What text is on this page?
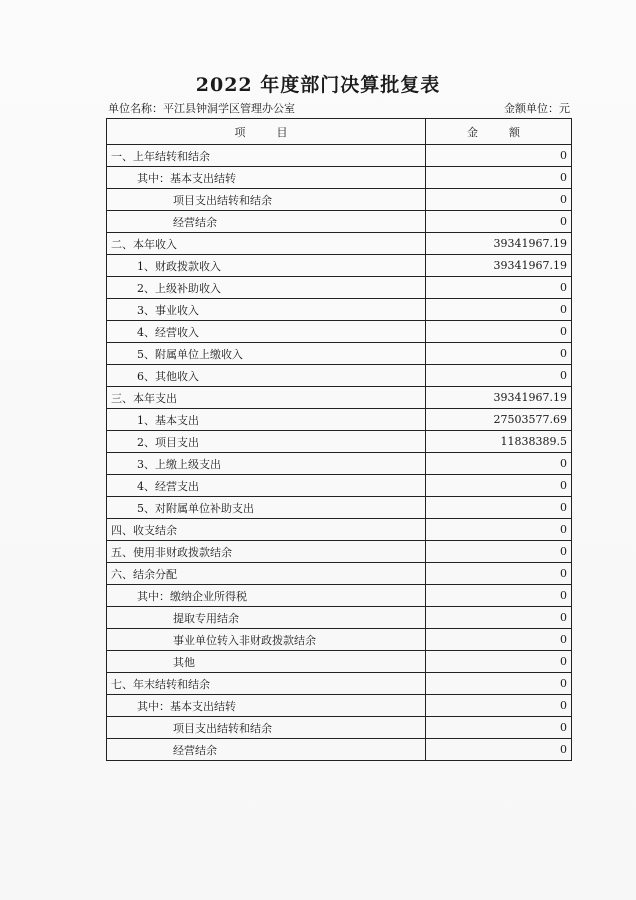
2022 年度部门决算批复表
单位名称：平江县钟洞学区管理办公室	金额单位：元
项　目	金　额
一、上年结转和结余	0
其中：基本支出结转	0
项目支出结转和结余	0
经营结余	0
二、本年收入	39341967.19
1、财政拨款收入	39341967.19
2、上级补助收入	0
3、事业收入	0
4、经营收入	0
5、附属单位上缴收入	0
6、其他收入	0
三、本年支出	39341967.19
1、基本支出	27503577.69
2、项目支出	11838389.5
3、上缴上级支出	0
4、经营支出	0
5、对附属单位补助支出	0
四、收支结余	0
五、使用非财政拨款结余	0
六、结余分配	0
其中：缴纳企业所得税	0
提取专用结余	0
事业单位转入非财政拨款结余	0
其他	0
七、年末结转和结余	0
其中：基本支出结转	0
项目支出结转和结余	0
经营结余	0
